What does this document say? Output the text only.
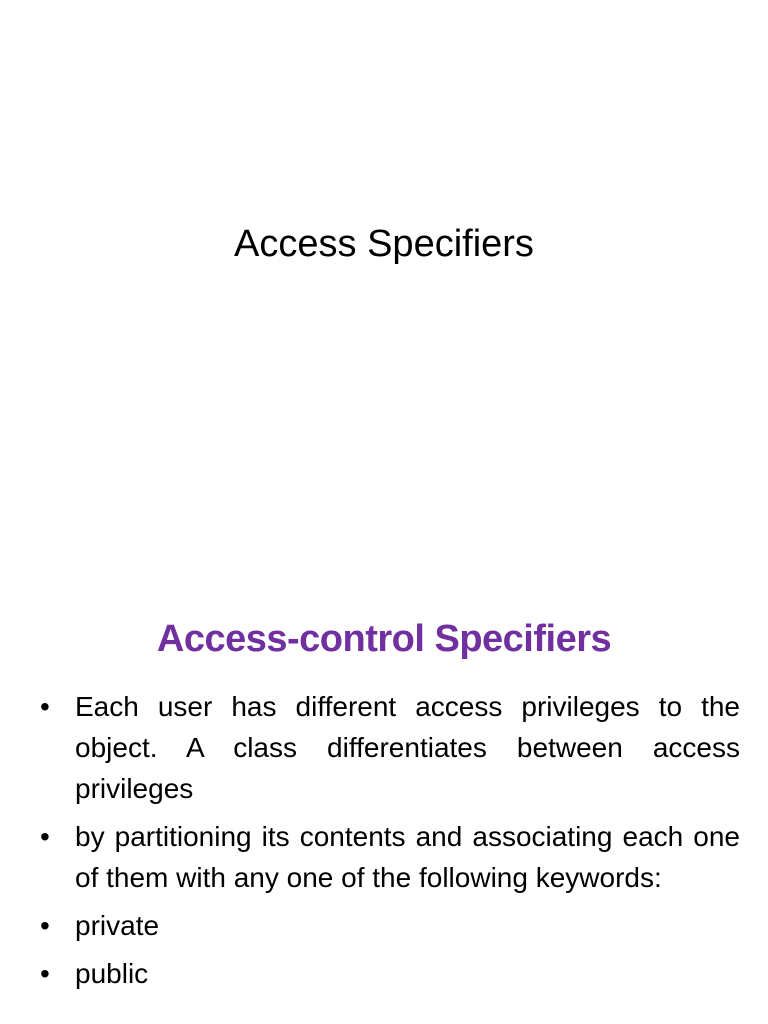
Access Specifiers
Access-control Specifiers
• Each user has different access privileges to the object. A class differentiates between access privileges
• by partitioning its contents and associating each one of them with any one of the following keywords:
• private
• public
